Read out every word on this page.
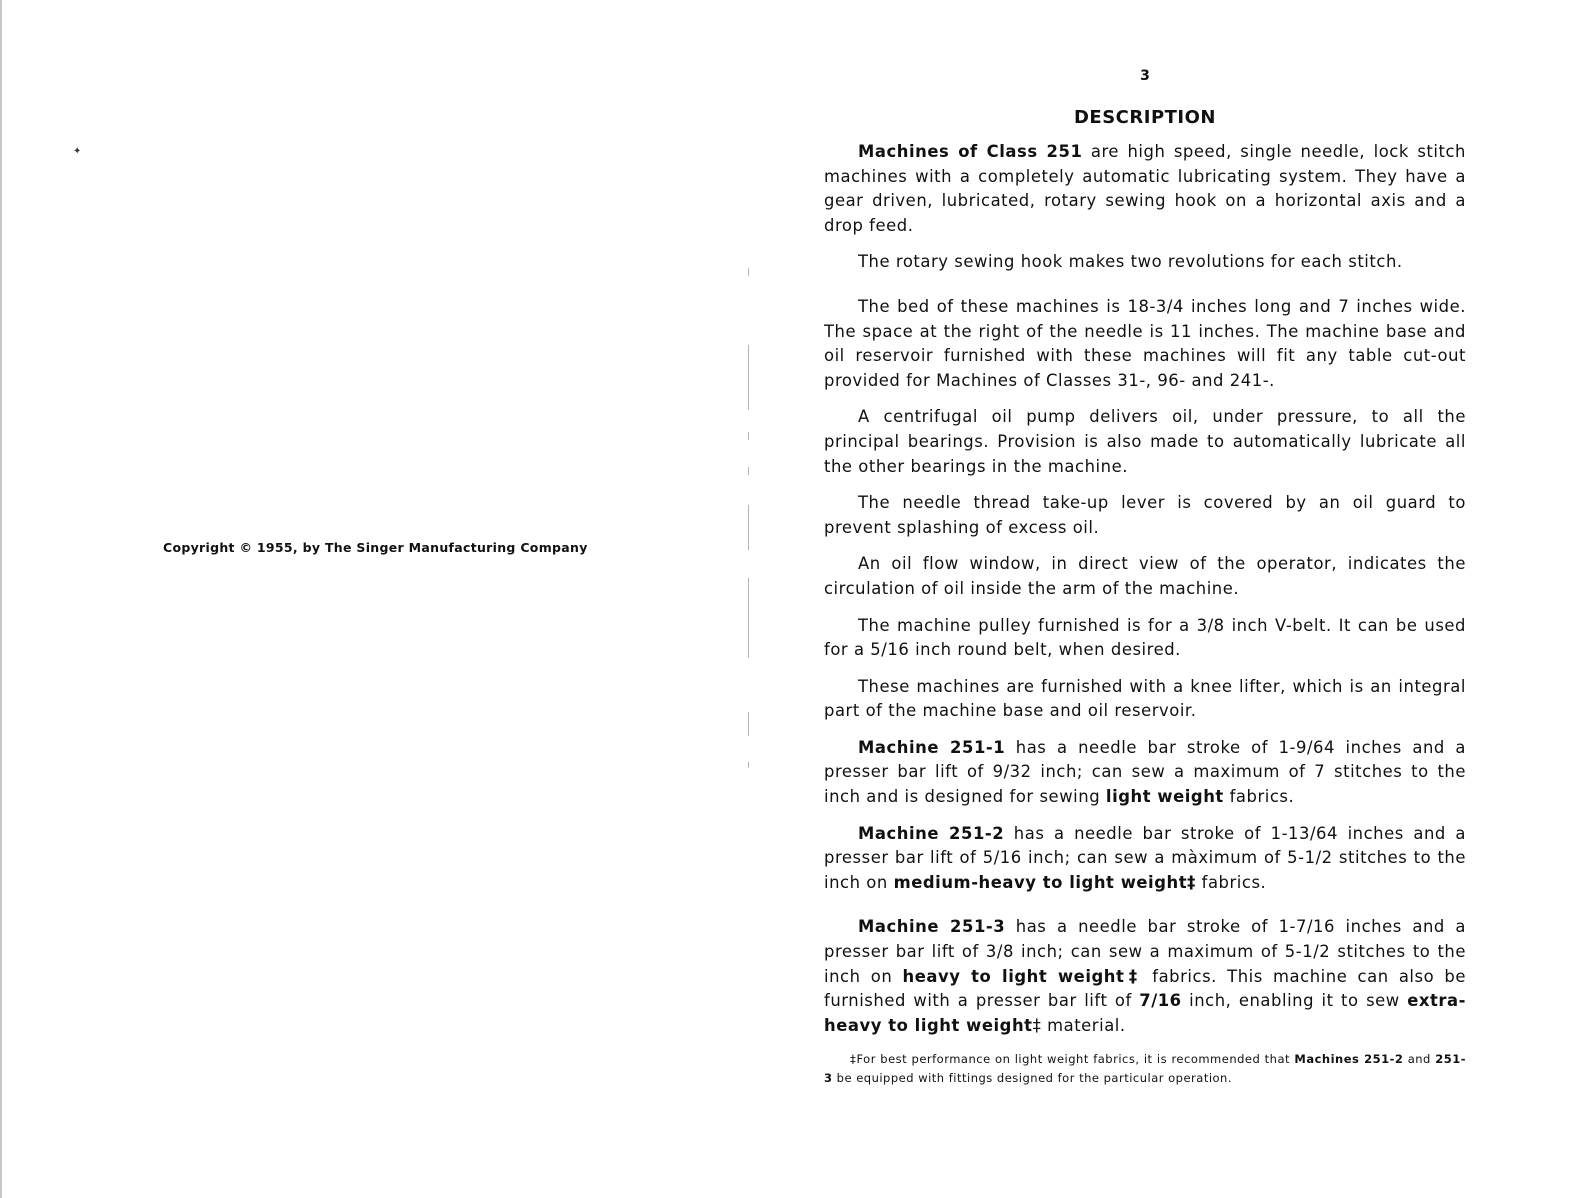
✦
Copyright © 1955, by The Singer Manufacturing Company
3
DESCRIPTION

Machines of Class 251 are high speed, single needle, lock stitch machines with a completely automatic lubricating system. They have a gear driven, lubricated, rotary sewing hook on a horizontal axis and a drop feed.

The rotary sewing hook makes two revolutions for each stitch.

The bed of these machines is 18-3/4 inches long and 7 inches wide. The space at the right of the needle is 11 inches. The machine base and oil reservoir furnished with these machines will fit any table cut-out provided for Machines of Classes 31-, 96- and 241-.

A centrifugal oil pump delivers oil, under pressure, to all the principal bearings. Provision is also made to automatically lubricate all the other bearings in the machine.

The needle thread take-up lever is covered by an oil guard to prevent splashing of excess oil.

An oil flow window, in direct view of the operator, indicates the circulation of oil inside the arm of the machine.

The machine pulley furnished is for a 3/8 inch V-belt. It can be used for a 5/16 inch round belt, when desired.

These machines are furnished with a knee lifter, which is an integral part of the machine base and oil reservoir.

Machine 251-1 has a needle bar stroke of 1-9/64 inches and a presser bar lift of 9/32 inch; can sew a maximum of 7 stitches to the inch and is designed for sewing light weight fabrics.

Machine 251-2 has a needle bar stroke of 1-13/64 inches and a presser bar lift of 5/16 inch; can sew a màximum of 5-1/2 stitches to the inch on medium-heavy to light weight‡ fabrics.

Machine 251-3 has a needle bar stroke of 1-7/16 inches and a presser bar lift of 3/8 inch; can sew a maximum of 5-1/2 stitches to the inch on heavy to light weight‡ fabrics. This machine can also be furnished with a presser bar lift of 7/16 inch, enabling it to sew extra-heavy to light weight‡ material.

‡For best performance on light weight fabrics, it is recommended that Machines 251-2 and 251-3 be equipped with fittings designed for the particular operation.
